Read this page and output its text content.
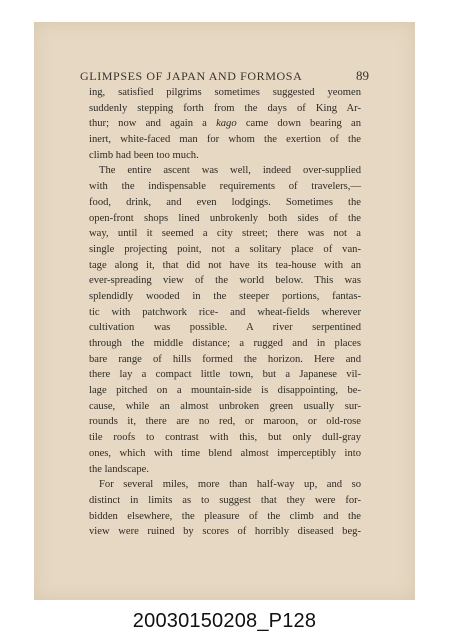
GLIMPSES OF JAPAN AND FORMOSA	89
ing, satisfied pilgrims sometimes suggested yeomen
suddenly stepping forth from the days of King Ar-
thur; now and again a kago came down bearing an
inert, white-faced man for whom the exertion of the
climb had been too much.
The entire ascent was well, indeed over-supplied
with the indispensable requirements of travelers,—
food, drink, and even lodgings. Sometimes the
open-front shops lined unbrokenly both sides of the
way, until it seemed a city street; there was not a
single projecting point, not a solitary place of van-
tage along it, that did not have its tea-house with an
ever-spreading view of the world below. This was
splendidly wooded in the steeper portions, fantas-
tic with patchwork rice- and wheat-fields wherever
cultivation was possible. A river serpentined
through the middle distance; a rugged and in places
bare range of hills formed the horizon. Here and
there lay a compact little town, but a Japanese vil-
lage pitched on a mountain-side is disappointing, be-
cause, while an almost unbroken green usually sur-
rounds it, there are no red, or maroon, or old-rose
tile roofs to contrast with this, but only dull-gray
ones, which with time blend almost imperceptibly into
the landscape.
For several miles, more than half-way up, and so
distinct in limits as to suggest that they were for-
bidden elsewhere, the pleasure of the climb and the
view were ruined by scores of horribly diseased beg-
20030150208_P128
